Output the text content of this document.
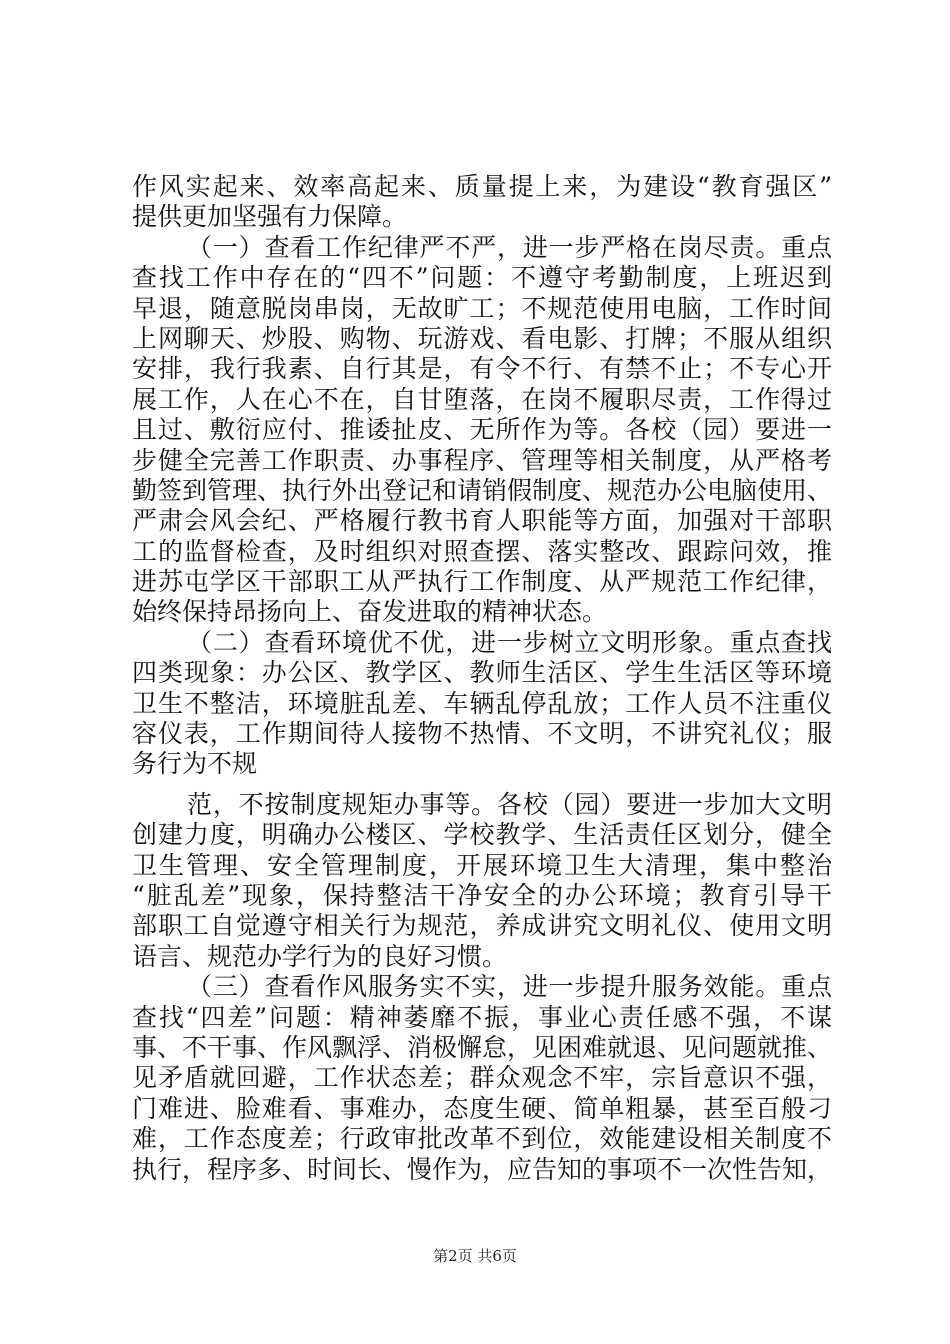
作风实起来、效率高起来、质量提上来，为建设“教育强区”
提供更加坚强有力保障。
（一）查看工作纪律严不严，进一步严格在岗尽责。重点
查找工作中存在的“四不”问题：不遵守考勤制度，上班迟到
早退，随意脱岗串岗，无故旷工；不规范使用电脑，工作时间
上网聊天、炒股、购物、玩游戏、看电影、打牌；不服从组织
安排，我行我素、自行其是，有令不行、有禁不止；不专心开
展工作，人在心不在，自甘堕落，在岗不履职尽责，工作得过
且过、敷衍应付、推诿扯皮、无所作为等。各校（园）要进一
步健全完善工作职责、办事程序、管理等相关制度，从严格考
勤签到管理、执行外出登记和请销假制度、规范办公电脑使用、
严肃会风会纪、严格履行教书育人职能等方面，加强对干部职
工的监督检查，及时组织对照查摆、落实整改、跟踪问效，推
进苏屯学区干部职工从严执行工作制度、从严规范工作纪律，
始终保持昂扬向上、奋发进取的精神状态。
（二）查看环境优不优，进一步树立文明形象。重点查找
四类现象：办公区、教学区、教师生活区、学生生活区等环境
卫生不整洁，环境脏乱差、车辆乱停乱放；工作人员不注重仪
容仪表，工作期间待人接物不热情、不文明，不讲究礼仪；服
务行为不规
范，不按制度规矩办事等。各校（园）要进一步加大文明
创建力度，明确办公楼区、学校教学、生活责任区划分，健全
卫生管理、安全管理制度，开展环境卫生大清理，集中整治
“脏乱差”现象，保持整洁干净安全的办公环境；教育引导干
部职工自觉遵守相关行为规范，养成讲究文明礼仪、使用文明
语言、规范办学行为的良好习惯。
（三）查看作风服务实不实，进一步提升服务效能。重点
查找“四差”问题：精神萎靡不振，事业心责任感不强，不谋
事、不干事、作风飘浮、消极懈怠，见困难就退、见问题就推、
见矛盾就回避，工作状态差；群众观念不牢，宗旨意识不强，
门难进、脸难看、事难办，态度生硬、简单粗暴，甚至百般刁
难，工作态度差；行政审批改革不到位，效能建设相关制度不
执行，程序多、时间长、慢作为，应告知的事项不一次性告知，
第2页 共6页
